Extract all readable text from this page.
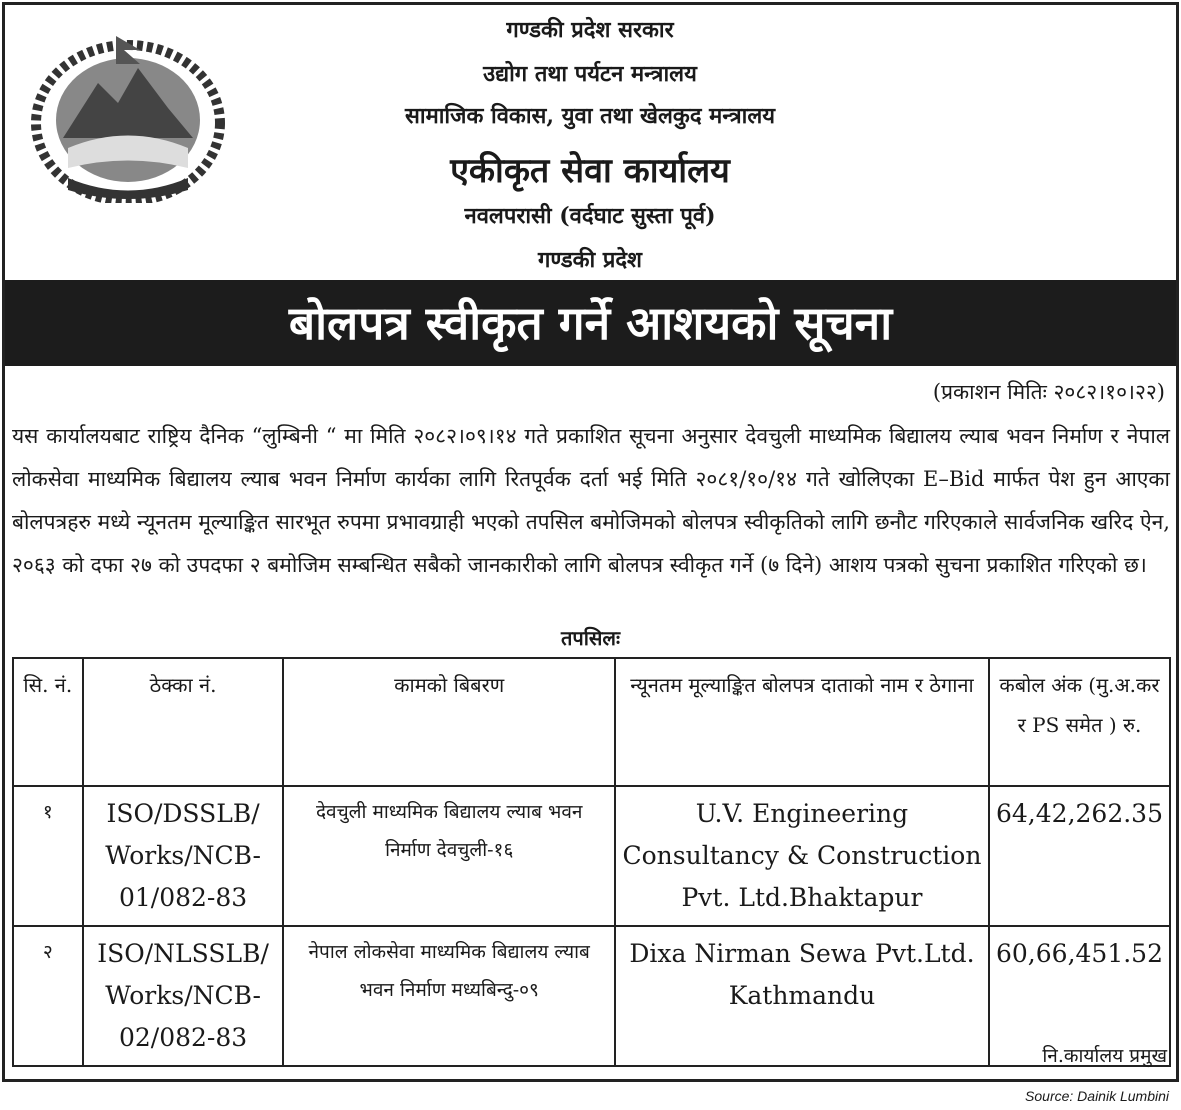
गण्डकी प्रदेश सरकार
उद्योग तथा पर्यटन मन्त्रालय
सामाजिक विकास, युवा तथा खेलकुद मन्त्रालय
एकीकृत सेवा कार्यालय
नवलपरासी (वर्दघाट सुस्ता पूर्व)
गण्डकी प्रदेश
बोलपत्र स्वीकृत गर्ने आशयको सूचना
(प्रकाशन मितिः २०८२।१०।२२)
यस कार्यालयबाट राष्ट्रिय दैनिक “लुम्बिनी “ मा मिति २०८२।०९।१४ गते प्रकाशित सूचना अनुसार देवचुली माध्यमिक बिद्यालय ल्याब भवन निर्माण र नेपाल लोकसेवा माध्यमिक बिद्यालय ल्याब भवन निर्माण कार्यका लागि रितपूर्वक दर्ता भई मिति २०८१/१०/१४ गते खोलिएका E–Bid मार्फत पेश हुन आएका बोलपत्रहरु मध्ये न्यूनतम मूल्याङ्कित सारभूत रुपमा प्रभावग्राही भएको तपसिल बमोजिमको बोलपत्र स्वीकृतिको लागि छनौट गरिएकाले सार्वजनिक खरिद ऐन, २०६३ को दफा २७ को उपदफा २ बमोजिम सम्बन्धित सबैको जानकारीको लागि बोलपत्र स्वीकृत गर्ने (७ दिने) आशय पत्रको सुचना प्रकाशित गरिएको छ।
तपसिलः
सि. नं.	ठेक्का नं.	कामको बिबरण	न्यूनतम मूल्याङ्कित बोलपत्र दाताको नाम र ठेगाना	कबोल अंक (मु.अ.कर र PS समेत ) रु.
१	ISO/DSSLB/ Works/NCB-01/082-83	देवचुली माध्यमिक बिद्यालय ल्याब भवन निर्माण देवचुली-१६	U.V. Engineering Consultancy & Construction Pvt. Ltd.Bhaktapur	64,42,262.35
२	ISO/NLSSLB/ Works/NCB-02/082-83	नेपाल लोकसेवा माध्यमिक बिद्यालय ल्याब भवन निर्माण मध्यबिन्दु-०९	Dixa Nirman Sewa Pvt.Ltd. Kathmandu	60,66,451.52
नि.कार्यालय प्रमुख
Source: Dainik Lumbini
